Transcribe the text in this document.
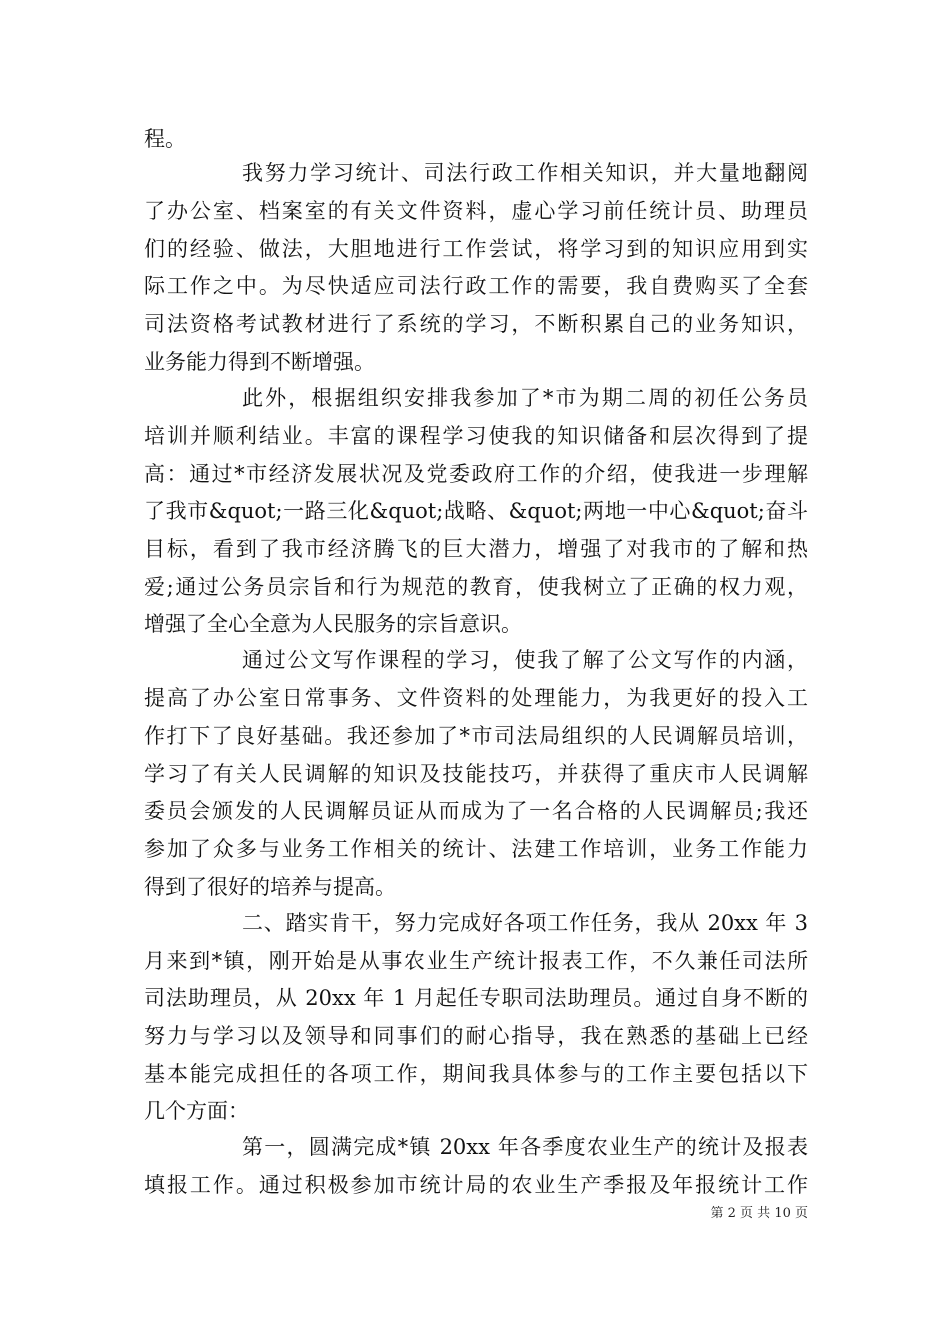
程。
我努力学习统计、司法行政工作相关知识，并大量地翻阅
了办公室、档案室的有关文件资料，虚心学习前任统计员、助理员
们的经验、做法，大胆地进行工作尝试，将学习到的知识应用到实
际工作之中。为尽快适应司法行政工作的需要，我自费购买了全套
司法资格考试教材进行了系统的学习，不断积累自己的业务知识，
业务能力得到不断增强。
此外，根据组织安排我参加了*市为期二周的初任公务员
培训并顺利结业。丰富的课程学习使我的知识储备和层次得到了提
高：通过*市经济发展状况及党委政府工作的介绍，使我进一步理解
了我市&quot;一路三化&quot;战略、&quot;两地一中心&quot;奋斗
目标，看到了我市经济腾飞的巨大潜力，增强了对我市的了解和热
爱;通过公务员宗旨和行为规范的教育，使我树立了正确的权力观，
增强了全心全意为人民服务的宗旨意识。
通过公文写作课程的学习，使我了解了公文写作的内涵，
提高了办公室日常事务、文件资料的处理能力，为我更好的投入工
作打下了良好基础。我还参加了*市司法局组织的人民调解员培训，
学习了有关人民调解的知识及技能技巧，并获得了重庆市人民调解
委员会颁发的人民调解员证从而成为了一名合格的人民调解员;我还
参加了众多与业务工作相关的统计、法建工作培训，业务工作能力
得到了很好的培养与提高。
二、踏实肯干，努力完成好各项工作任务，我从 20xx 年 3
月来到*镇，刚开始是从事农业生产统计报表工作，不久兼任司法所
司法助理员，从 20xx 年 1 月起任专职司法助理员。通过自身不断的
努力与学习以及领导和同事们的耐心指导，我在熟悉的基础上已经
基本能完成担任的各项工作，期间我具体参与的工作主要包括以下
几个方面：
第一，圆满完成*镇 20xx 年各季度农业生产的统计及报表
填报工作。通过积极参加市统计局的农业生产季报及年报统计工作
第 2 页 共 10 页
